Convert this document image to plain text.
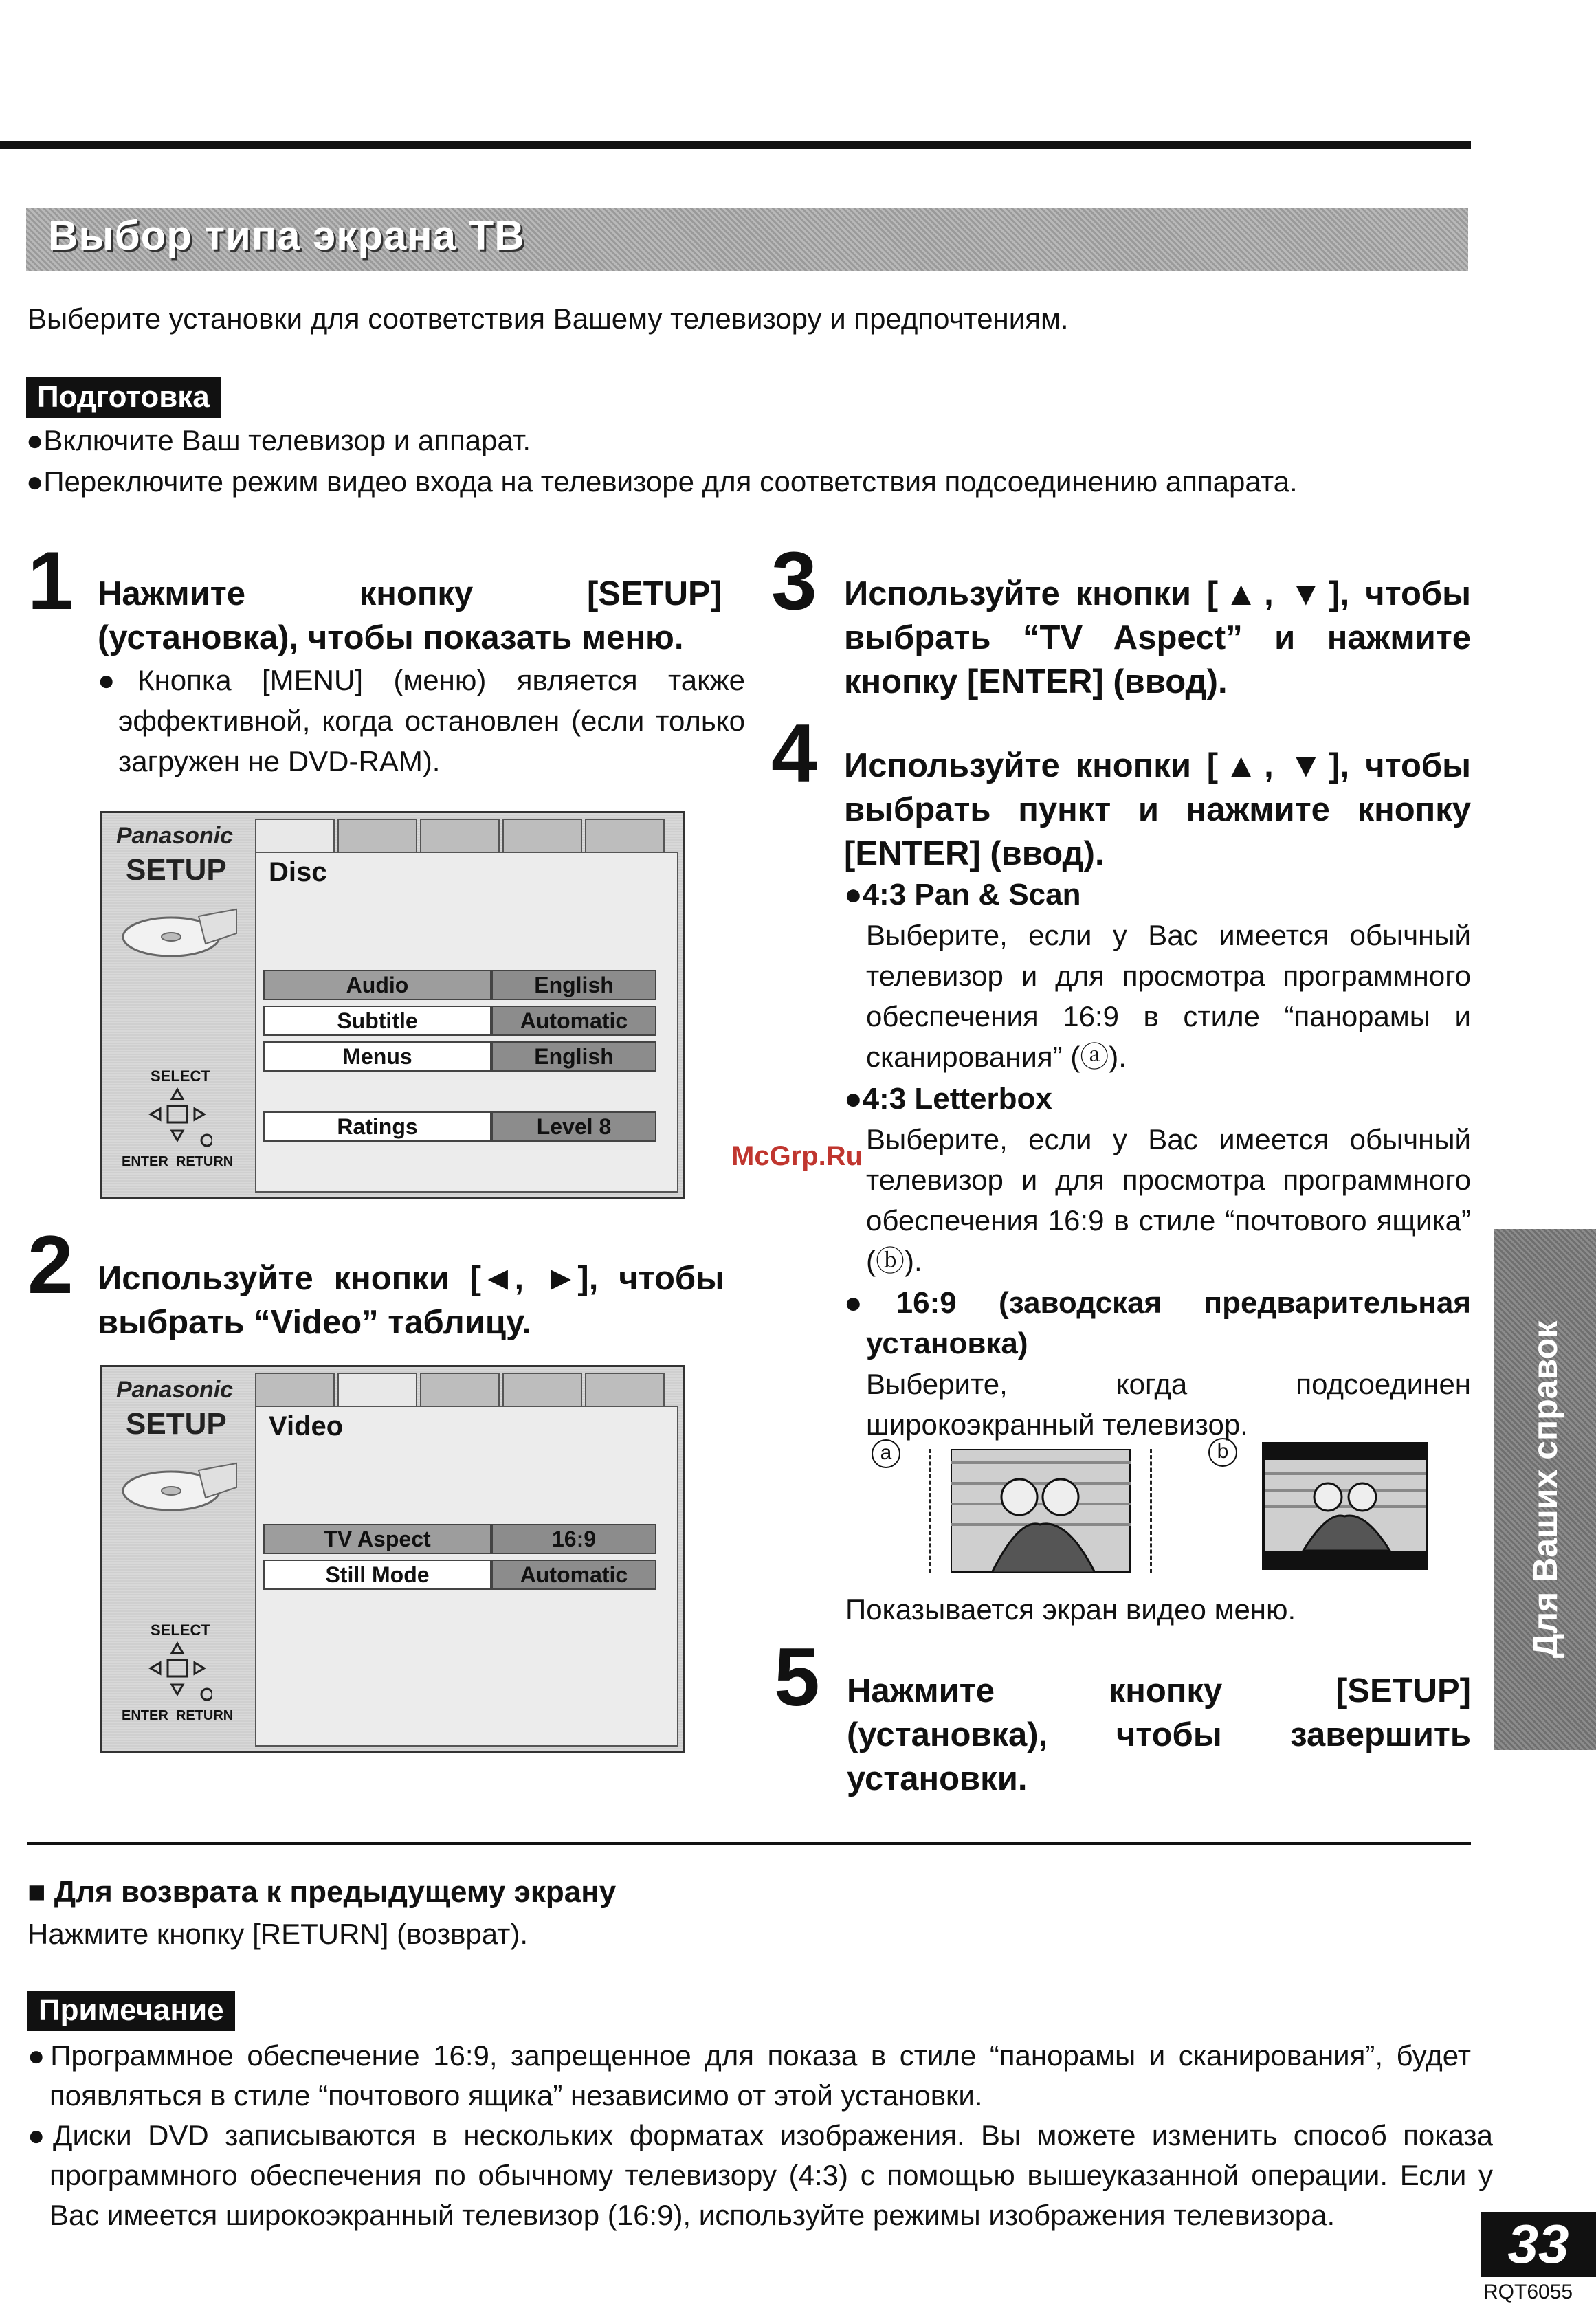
Выбор типа экрана ТВ
Выберите установки для соответствия Вашему телевизору и предпочтениям.
Подготовка
●Включите Ваш телевизор и аппарат.
●Переключите режим видео входа на телевизоре для соответствия подсоединению аппарата.
1 Нажмите кнопку [SETUP] (установка), чтобы показать меню.
●Кнопка [MENU] (меню) является также эффективной, когда остановлен (если только загружен не DVD-RAM).
Panasonic
SETUP
SELECT
ENTER RETURN
Disc
Audio	English
Subtitle	Automatic
Menus	English
Ratings	Level 8
2 Используйте кнопки [◄, ►], чтобы выбрать “Video” таблицу.
Panasonic
SETUP
SELECT
ENTER RETURN
Video
TV Aspect	16:9
Still Mode	Automatic
3 Используйте кнопки [▲, ▼], чтобы выбрать “TV Aspect” и нажмите кнопку [ENTER] (ввод).
4 Используйте кнопки [▲, ▼], чтобы выбрать пункт и нажмите кнопку [ENTER] (ввод).
●4:3 Pan & Scan
Выберите, если у Вас имеется обычный телевизор и для просмотра программного обеспечения 16:9 в стиле “панорамы и сканирования” (ⓐ).
●4:3 Letterbox
Выберите, если у Вас имеется обычный телевизор и для просмотра программного обеспечения 16:9 в стиле “почтового ящика” (ⓑ).
●16:9 (заводская предварительная установка)
Выберите, когда подсоединен широкоэкранный телевизор.
a	b
Показывается экран видео меню.
5 Нажмите кнопку [SETUP] (установка), чтобы завершить установки.
McGrp.Ru
Для Ваших справок
■ Для возврата к предыдущему экрану
Нажмите кнопку [RETURN] (возврат).
Примечание
●Программное обеспечение 16:9, запрещенное для показа в стиле “панорамы и сканирования”, будет появляться в стиле “почтового ящика” независимо от этой установки.
●Диски DVD записываются в нескольких форматах изображения. Вы можете изменить способ показа программного обеспечения по обычному телевизору (4:3) с помощью вышеуказанной операции. Если у Вас имеется широкоэкранный телевизор (16:9), используйте режимы изображения телевизора.	33
RQT6055
